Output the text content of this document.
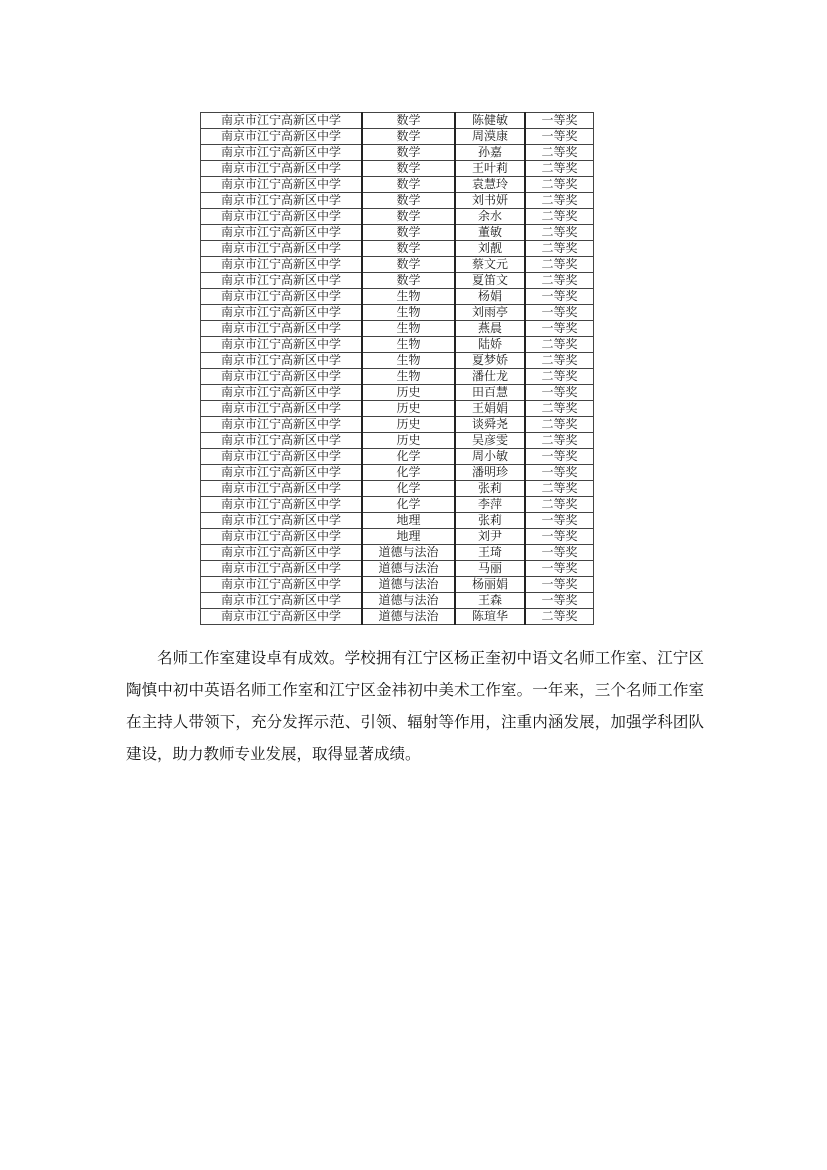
南京市江宁高新区中学	数学	陈健敏	一等奖
南京市江宁高新区中学	数学	周漠康	一等奖
南京市江宁高新区中学	数学	孙嘉	二等奖
南京市江宁高新区中学	数学	王叶莉	二等奖
南京市江宁高新区中学	数学	袁慧玲	二等奖
南京市江宁高新区中学	数学	刘书妍	二等奖
南京市江宁高新区中学	数学	余水	二等奖
南京市江宁高新区中学	数学	董敏	二等奖
南京市江宁高新区中学	数学	刘靓	二等奖
南京市江宁高新区中学	数学	蔡文元	二等奖
南京市江宁高新区中学	数学	夏笛文	二等奖
南京市江宁高新区中学	生物	杨娟	一等奖
南京市江宁高新区中学	生物	刘雨亭	一等奖
南京市江宁高新区中学	生物	燕晨	一等奖
南京市江宁高新区中学	生物	陆娇	二等奖
南京市江宁高新区中学	生物	夏梦娇	二等奖
南京市江宁高新区中学	生物	潘仕龙	二等奖
南京市江宁高新区中学	历史	田百慧	一等奖
南京市江宁高新区中学	历史	王娟娟	二等奖
南京市江宁高新区中学	历史	谈舜尧	二等奖
南京市江宁高新区中学	历史	吴彦雯	二等奖
南京市江宁高新区中学	化学	周小敏	一等奖
南京市江宁高新区中学	化学	潘明珍	一等奖
南京市江宁高新区中学	化学	张莉	二等奖
南京市江宁高新区中学	化学	李萍	二等奖
南京市江宁高新区中学	地理	张莉	一等奖
南京市江宁高新区中学	地理	刘尹	一等奖
南京市江宁高新区中学	道德与法治	王琦	一等奖
南京市江宁高新区中学	道德与法治	马丽	一等奖
南京市江宁高新区中学	道德与法治	杨丽娟	一等奖
南京市江宁高新区中学	道德与法治	王森	一等奖
南京市江宁高新区中学	道德与法治	陈瑄华	二等奖

名师工作室建设卓有成效。学校拥有江宁区杨正奎初中语文名师工作室、江宁区陶慎中初中英语名师工作室和江宁区金祎初中美术工作室。一年来，三个名师工作室在主持人带领下，充分发挥示范、引领、辐射等作用，注重内涵发展，加强学科团队建设，助力教师专业发展，取得显著成绩。
